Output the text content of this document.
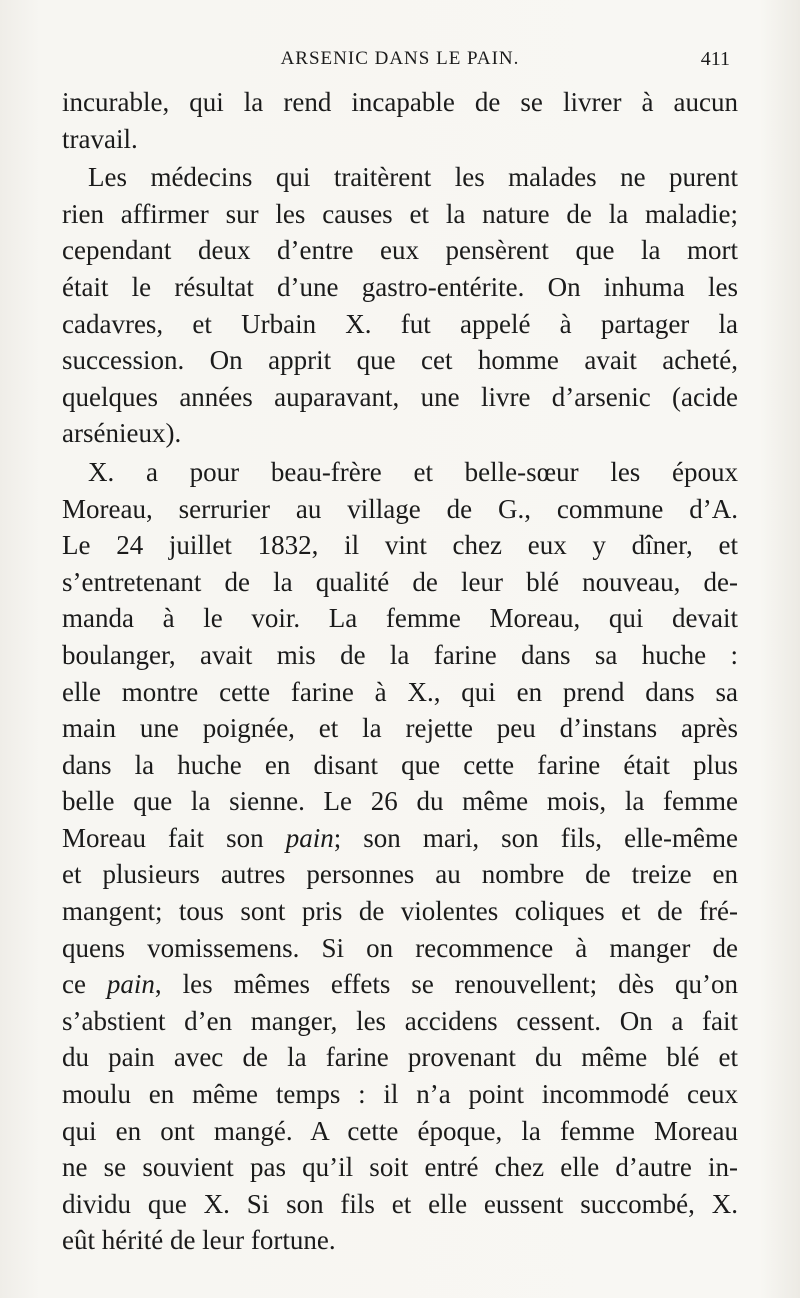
ARSENIC DANS LE PAIN.	411
incurable, qui la rend incapable de se livrer à aucun
travail.
Les médecins qui traitèrent les malades ne purent
rien affirmer sur les causes et la nature de la maladie;
cependant deux d’entre eux pensèrent que la mort
était le résultat d’une gastro-entérite. On inhuma les
cadavres, et Urbain X. fut appelé à partager la
succession. On apprit que cet homme avait acheté,
quelques années auparavant, une livre d’arsenic (acide
arsénieux).
X. a pour beau-frère et belle-sœur les époux
Moreau, serrurier au village de G., commune d’A.
Le 24 juillet 1832, il vint chez eux y dîner, et
s’entretenant de la qualité de leur blé nouveau, de-
manda à le voir. La femme Moreau, qui devait
boulanger, avait mis de la farine dans sa huche :
elle montre cette farine à X., qui en prend dans sa
main une poignée, et la rejette peu d’instans après
dans la huche en disant que cette farine était plus
belle que la sienne. Le 26 du même mois, la femme
Moreau fait son pain; son mari, son fils, elle-même
et plusieurs autres personnes au nombre de treize en
mangent; tous sont pris de violentes coliques et de fré-
quens vomissemens. Si on recommence à manger de
ce pain, les mêmes effets se renouvellent; dès qu’on
s’abstient d’en manger, les accidens cessent. On a fait
du pain avec de la farine provenant du même blé et
moulu en même temps : il n’a point incommodé ceux
qui en ont mangé. A cette époque, la femme Moreau
ne se souvient pas qu’il soit entré chez elle d’autre in-
dividu que X. Si son fils et elle eussent succombé, X.
eût hérité de leur fortune.
